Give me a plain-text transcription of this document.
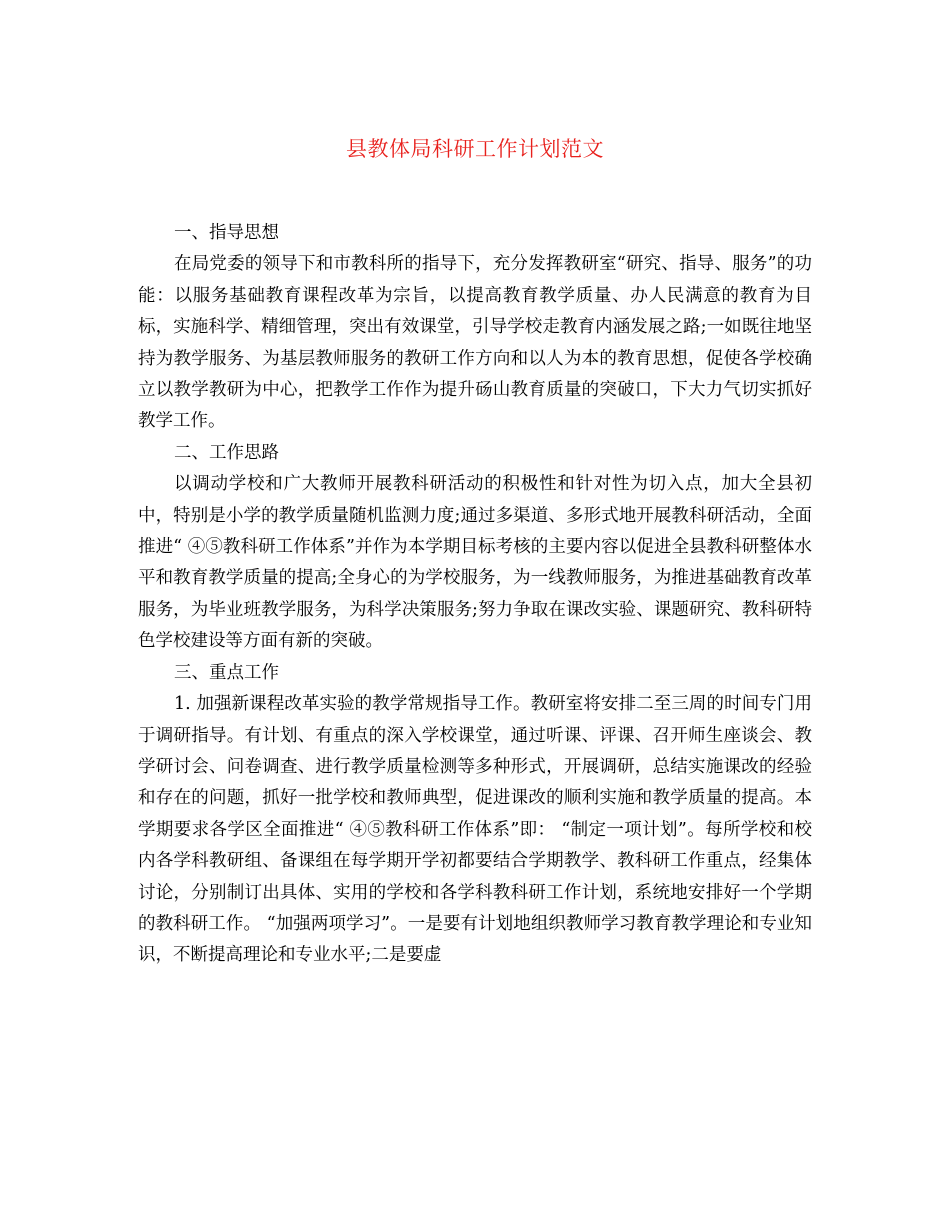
县教体局科研工作计划范文

一、指导思想

在局党委的领导下和市教科所的指导下，充分发挥教研室“研究、指导、服务”的功能：以服务基础教育课程改革为宗旨，以提高教育教学质量、办人民满意的教育为目标，实施科学、精细管理，突出有效课堂，引导学校走教育内涵发展之路;一如既往地坚持为教学服务、为基层教师服务的教研工作方向和以人为本的教育思想，促使各学校确立以教学教研为中心，把教学工作作为提升砀山教育质量的突破口，下大力气切实抓好教学工作。

二、工作思路

以调动学校和广大教师开展教科研活动的积极性和针对性为切入点，加大全县初中，特别是小学的教学质量随机监测力度;通过多渠道、多形式地开展教科研活动，全面推进“ ④⑤教科研工作体系”并作为本学期目标考核的主要内容以促进全县教科研整体水平和教育教学质量的提高;全身心的为学校服务，为一线教师服务，为推进基础教育改革服务，为毕业班教学服务，为科学决策服务;努力争取在课改实验、课题研究、教科研特色学校建设等方面有新的突破。

三、重点工作

1. 加强新课程改革实验的教学常规指导工作。教研室将安排二至三周的时间专门用于调研指导。有计划、有重点的深入学校课堂，通过听课、评课、召开师生座谈会、教学研讨会、问卷调查、进行教学质量检测等多种形式，开展调研，总结实施课改的经验和存在的问题，抓好一批学校和教师典型，促进课改的顺利实施和教学质量的提高。本学期要求各学区全面推进“ ④⑤教科研工作体系”即： “制定一项计划”。每所学校和校内各学科教研组、备课组在每学期开学初都要结合学期教学、教科研工作重点，经集体讨论，分别制订出具体、实用的学校和各学科教科研工作计划，系统地安排好一个学期的教科研工作。 “加强两项学习”。一是要有计划地组织教师学习教育教学理论和专业知识，不断提高理论和专业水平;二是要虚
